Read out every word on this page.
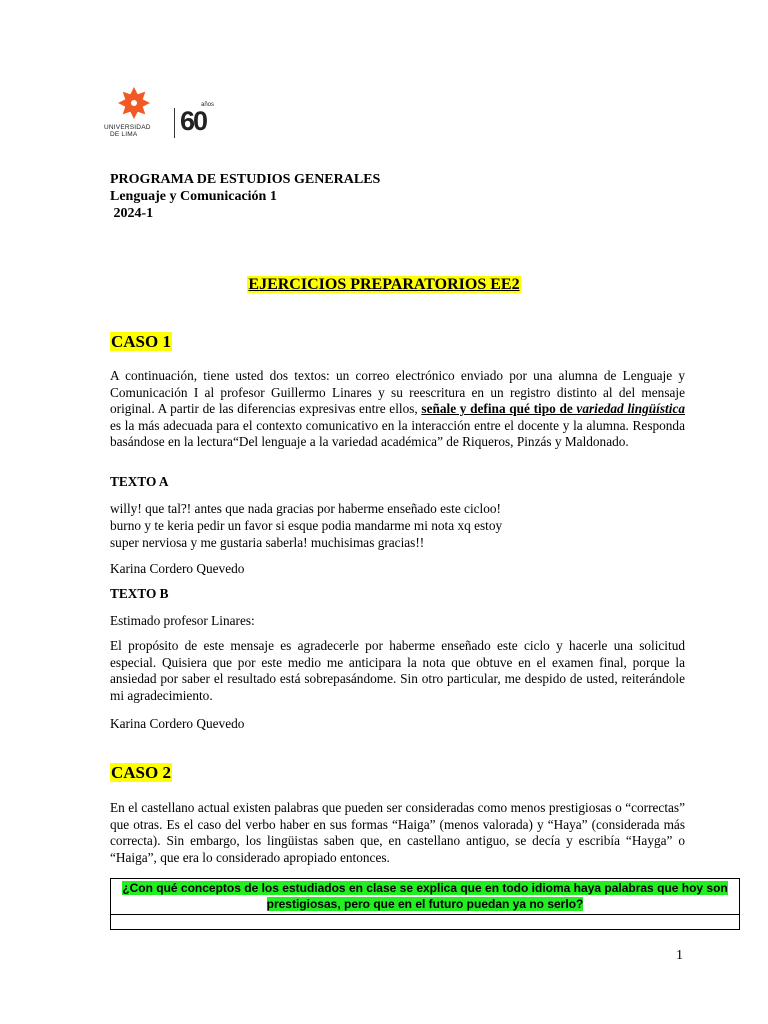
UNIVERSIDAD
DE LIMA
años
60
PROGRAMA DE ESTUDIOS GENERALES
Lenguaje y Comunicación 1
2024-1
EJERCICIOS PREPARATORIOS EE2
CASO 1
A continuación, tiene usted dos textos: un correo electrónico enviado por una alumna de Lenguaje y Comunicación I al profesor Guillermo Linares y su reescritura en un registro distinto al del mensaje original. A partir de las diferencias expresivas entre ellos, señale y defina qué tipo de variedad lingüística es la más adecuada para el contexto comunicativo en la interacción entre el docente y la alumna. Responda basándose en la lectura“Del lenguaje a la variedad académica” de Riqueros, Pinzás y Maldonado.
TEXTO A
willy! que tal?! antes que nada gracias por haberme enseñado este cicloo!
burno y te keria pedir un favor si esque podia mandarme mi nota xq estoy
super nerviosa y me gustaria saberla! muchisimas gracias!!
Karina Cordero Quevedo
TEXTO B
Estimado profesor Linares:
El propósito de este mensaje es agradecerle por haberme enseñado este ciclo y hacerle una solicitud especial. Quisiera que por este medio me anticipara la nota que obtuve en el examen final, porque la ansiedad por saber el resultado está sobrepasándome. Sin otro particular, me despido de usted, reiterándole mi agradecimiento.
Karina Cordero Quevedo
CASO 2
En el castellano actual existen palabras que pueden ser consideradas como menos prestigiosas o “correctas” que otras. Es el caso del verbo haber en sus formas “Haiga” (menos valorada) y “Haya” (considerada más correcta). Sin embargo, los lingüistas saben que, en castellano antiguo, se decía y escribía “Hayga” o “Haiga”, que era lo considerado apropiado entonces.
¿Con qué conceptos de los estudiados en clase se explica que en todo idioma haya palabras que hoy son prestigiosas, pero que en el futuro puedan ya no serlo?
1
